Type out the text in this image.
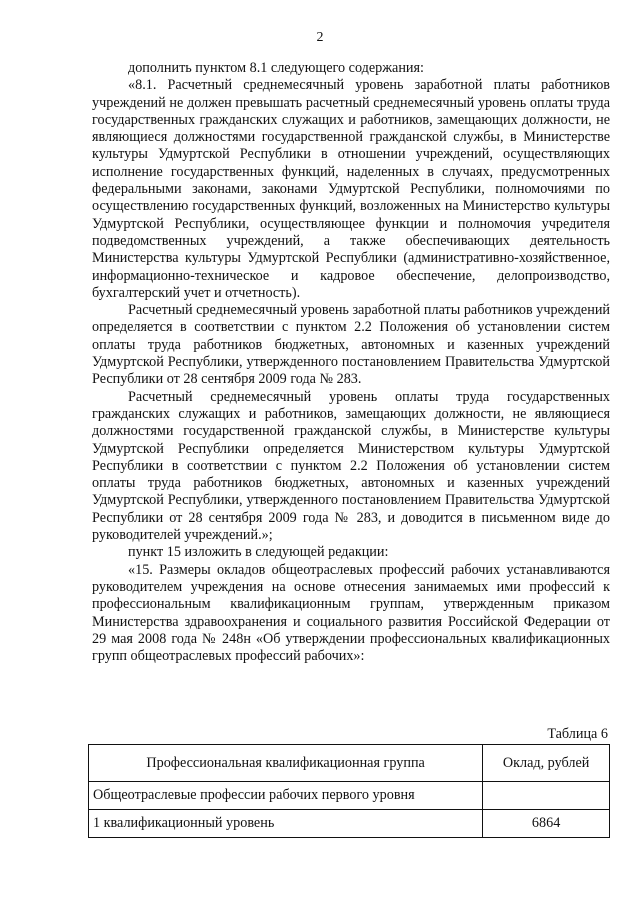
2

дополнить пунктом 8.1 следующего содержания:

«8.1. Расчетный среднемесячный уровень заработной платы работников учреждений не должен превышать расчетный среднемесячный уровень оплаты труда государственных гражданских служащих и работников, замещающих должности, не являющиеся должностями государственной гражданской службы, в Министерстве культуры Удмуртской Республики в отношении учреждений, осуществляющих исполнение государственных функций, наделенных в случаях, предусмотренных федеральными законами, законами Удмуртской Республики, полномочиями по осуществлению государственных функций, возложенных на Министерство культуры Удмуртской Республики, осуществляющее функции и полномочия учредителя подведомственных учреждений, а также обеспечивающих деятельность Министерства культуры Удмуртской Республики (административно-хозяйственное, информационно-техническое и кадровое обеспечение, делопроизводство, бухгалтерский учет и отчетность).

Расчетный среднемесячный уровень заработной платы работников учреждений определяется в соответствии с пунктом 2.2 Положения об установлении систем оплаты труда работников бюджетных, автономных и казенных учреждений Удмуртской Республики, утвержденного постановлением Правительства Удмуртской Республики от 28 сентября 2009 года № 283.

Расчетный среднемесячный уровень оплаты труда государственных гражданских служащих и работников, замещающих должности, не являющиеся должностями государственной гражданской службы, в Министерстве культуры Удмуртской Республики определяется Министерством культуры Удмуртской Республики в соответствии с пунктом 2.2 Положения об установлении систем оплаты труда работников бюджетных, автономных и казенных учреждений Удмуртской Республики, утвержденного постановлением Правительства Удмуртской Республики от 28 сентября 2009 года № 283, и доводится в письменном виде до руководителей учреждений.»;

пункт 15 изложить в следующей редакции:

«15. Размеры окладов общеотраслевых профессий рабочих устанавливаются руководителем учреждения на основе отнесения занимаемых ими профессий к профессиональным квалификационным группам, утвержденным приказом Министерства здравоохранения и социального развития Российской Федерации от 29 мая 2008 года № 248н «Об утверждении профессиональных квалификационных групп общеотраслевых профессий рабочих»:

Таблица 6
Профессиональная квалификационная группа	Оклад, рублей
Общеотраслевые профессии рабочих первого уровня	
1 квалификационный уровень	6864
